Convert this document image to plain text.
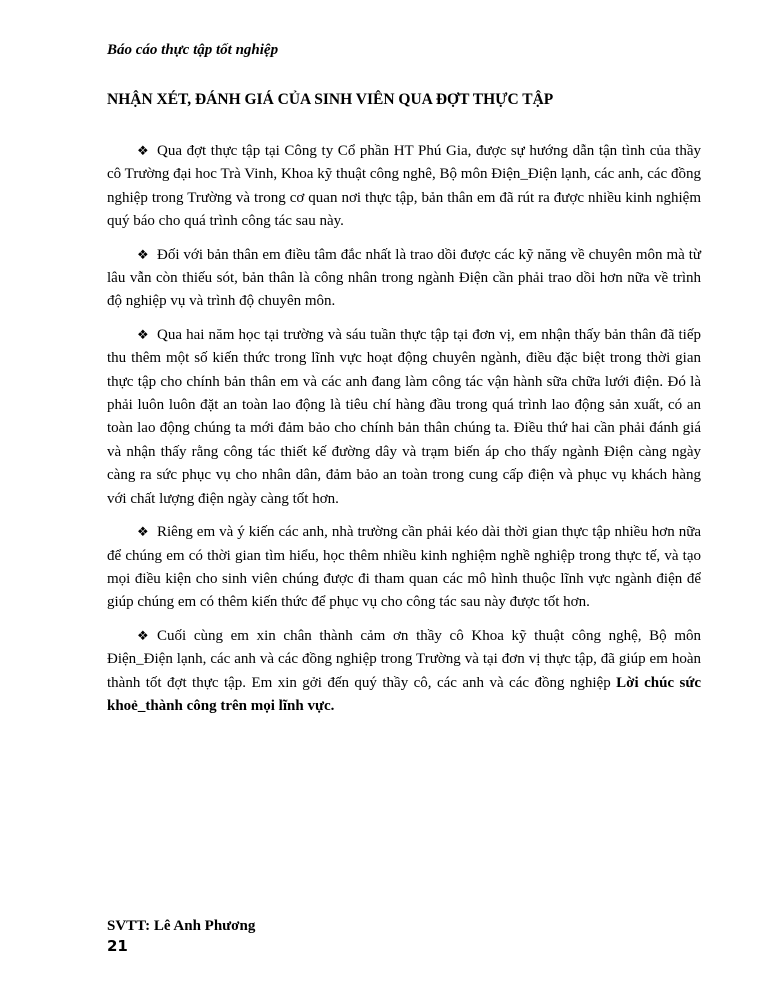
Báo cáo thực tập tốt nghiệp
NHẬN XÉT, ĐÁNH GIÁ CỦA SINH VIÊN QUA ĐỢT THỰC TẬP

❖ Qua đợt thực tập tại Công ty Cổ phần HT Phú Gia, được sự hướng dẫn tận tình của thầy cô Trường đại hoc Trà Vinh, Khoa kỹ thuật công nghê, Bộ môn Điện_Điện lạnh, các anh, các đồng nghiệp trong Trường và trong cơ quan nơi thực tập, bản thân em đã rút ra được nhiều kinh nghiệm quý báo cho quá trình công tác sau này.

❖ Đối với bản thân em điều tâm đắc nhất là trao dồi được các kỹ năng về chuyên môn mà từ lâu vẫn còn thiếu sót, bản thân là công nhân trong ngành Điện cần phải trao dồi hơn nữa về trình độ nghiệp vụ và trình độ chuyên môn.

❖ Qua hai năm học tại trường và sáu tuần thực tập tại đơn vị, em nhận thấy bản thân đã tiếp thu thêm một số kiến thức trong lĩnh vực hoạt động chuyên ngành, điều đặc biệt trong thời gian thực tập cho chính bản thân em và các anh đang làm công tác vận hành sữa chữa lưới điện. Đó là phải luôn luôn đặt an toàn lao động là tiêu chí hàng đầu trong quá trình lao động sản xuất, có an toàn lao động chúng ta mới đảm bảo cho chính bản thân chúng ta. Điều thứ hai cần phải đánh giá và nhận thấy rằng công tác thiết kế đường dây và trạm biến áp cho thấy ngành Điện càng ngày càng ra sức phục vụ cho nhân dân, đảm bảo an toàn trong cung cấp điện và phục vụ khách hàng với chất lượng điện ngày càng tốt hơn.

❖ Riêng em và ý kiến các anh, nhà trường cần phải kéo dài thời gian thực tập nhiều hơn nữa để chúng em có thời gian tìm hiểu, học thêm nhiều kinh nghiệm nghề nghiệp trong thực tế, và tạo mọi điều kiện cho sinh viên chúng được đi tham quan các mô hình thuộc lĩnh vực ngành điện để giúp chúng em có thêm kiến thức để phục vụ cho công tác sau này được tốt hơn.

❖ Cuối cùng em xin chân thành cảm ơn thầy cô Khoa kỹ thuật công nghệ, Bộ môn Điện_Điện lạnh, các anh và các đồng nghiệp trong Trường và tại đơn vị thực tập, đã giúp em hoàn thành tốt đợt thực tập. Em xin gởi đến quý thầy cô, các anh và các đồng nghiệp Lời chúc sức khoẻ_thành công trên mọi lĩnh vực.

SVTT: Lê Anh Phương
21
